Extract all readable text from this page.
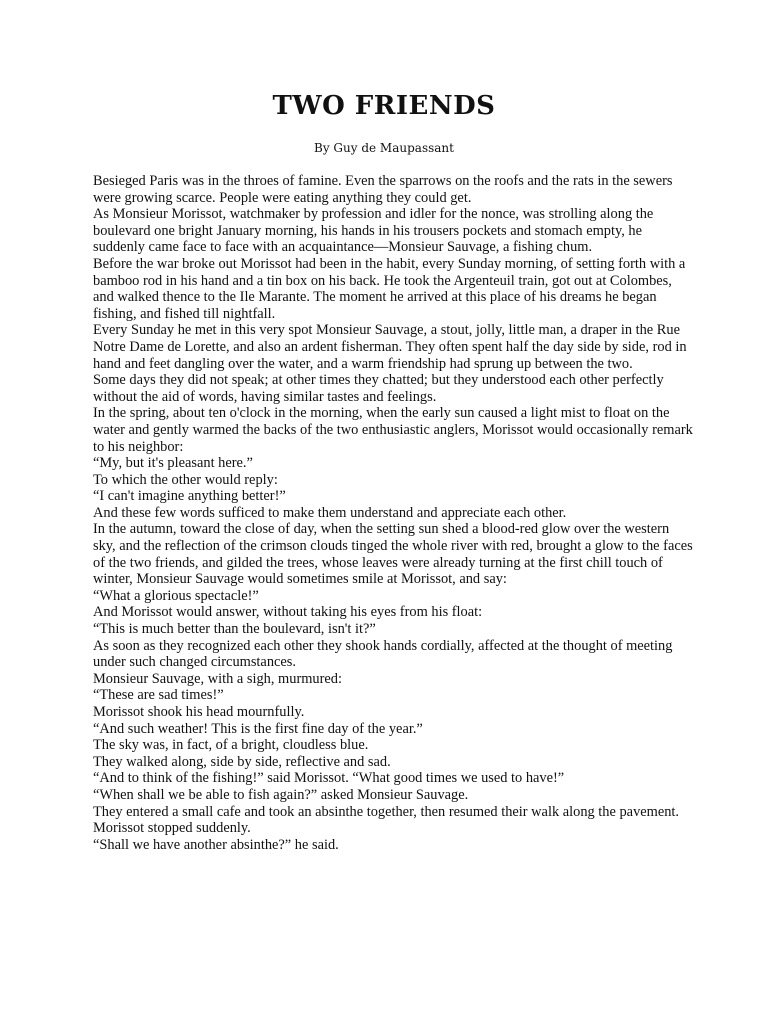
TWO FRIENDS
By Guy de Maupassant

Besieged Paris was in the throes of famine. Even the sparrows on the roofs and the rats in the sewers were growing scarce. People were eating anything they could get.

As Monsieur Morissot, watchmaker by profession and idler for the nonce, was strolling along the boulevard one bright January morning, his hands in his trousers pockets and stomach empty, he suddenly came face to face with an acquaintance—Monsieur Sauvage, a fishing chum.

Before the war broke out Morissot had been in the habit, every Sunday morning, of setting forth with a bamboo rod in his hand and a tin box on his back. He took the Argenteuil train, got out at Colombes, and walked thence to the Ile Marante. The moment he arrived at this place of his dreams he began fishing, and fished till nightfall.

Every Sunday he met in this very spot Monsieur Sauvage, a stout, jolly, little man, a draper in the Rue Notre Dame de Lorette, and also an ardent fisherman. They often spent half the day side by side, rod in hand and feet dangling over the water, and a warm friendship had sprung up between the two.

Some days they did not speak; at other times they chatted; but they understood each other perfectly without the aid of words, having similar tastes and feelings.

In the spring, about ten o'clock in the morning, when the early sun caused a light mist to float on the water and gently warmed the backs of the two enthusiastic anglers, Morissot would occasionally remark to his neighbor:

“My, but it's pleasant here.”

To which the other would reply:

“I can't imagine anything better!”

And these few words sufficed to make them understand and appreciate each other.

In the autumn, toward the close of day, when the setting sun shed a blood-red glow over the western sky, and the reflection of the crimson clouds tinged the whole river with red, brought a glow to the faces of the two friends, and gilded the trees, whose leaves were already turning at the first chill touch of winter, Monsieur Sauvage would sometimes smile at Morissot, and say:

“What a glorious spectacle!”

And Morissot would answer, without taking his eyes from his float:

“This is much better than the boulevard, isn't it?”

As soon as they recognized each other they shook hands cordially, affected at the thought of meeting under such changed circumstances.

Monsieur Sauvage, with a sigh, murmured:

“These are sad times!”

Morissot shook his head mournfully.

“And such weather! This is the first fine day of the year.”

The sky was, in fact, of a bright, cloudless blue.

They walked along, side by side, reflective and sad.

“And to think of the fishing!” said Morissot. “What good times we used to have!”

“When shall we be able to fish again?” asked Monsieur Sauvage.

They entered a small cafe and took an absinthe together, then resumed their walk along the pavement.

Morissot stopped suddenly.

“Shall we have another absinthe?” he said.
